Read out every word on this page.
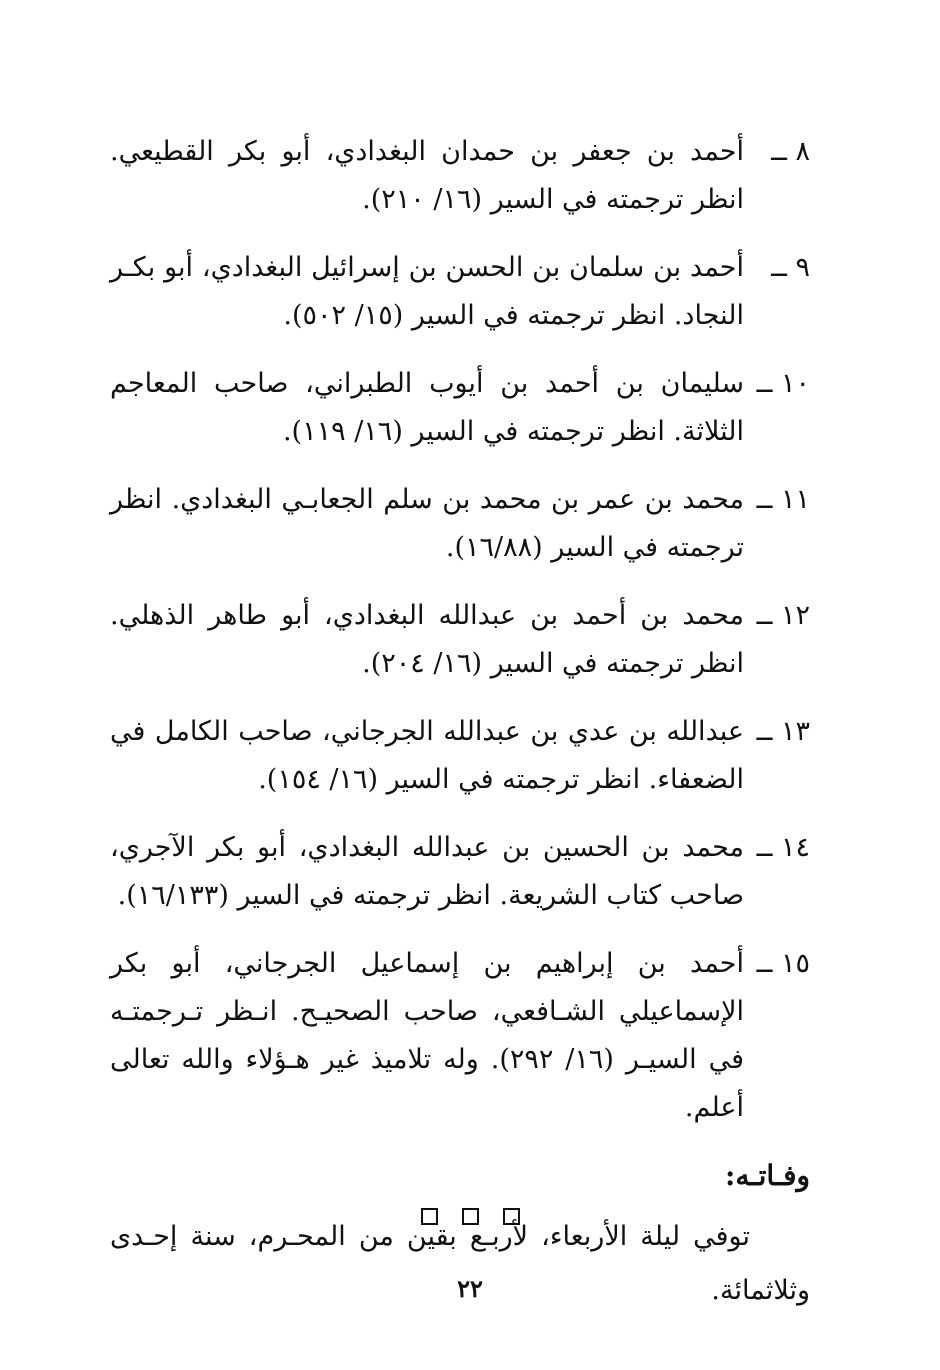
٨ ــ
أحمد بن جعفر بن حمدان البغدادي، أبو بكر القطيعي. انظر ترجمته في السير (١٦/ ٢١٠).
٩ ــ
أحمد بن سلمان بن الحسن بن إسرائيل البغدادي، أبو بكـر النجاد. انظر ترجمته في السير (١٥/ ٥٠٢).
١٠ ــ
سليمان بن أحمد بن أيوب الطبراني، صاحب المعاجم الثلاثة. انظر ترجمته في السير (١٦/ ١١٩).
١١ ــ
محمد بن عمر بن محمد بن سلم الجعابـي البغدادي. انظر ترجمته في السير (١٦/٨٨).
١٢ ــ
محمد بن أحمد بن عبدالله البغدادي، أبو طاهر الذهلي. انظر ترجمته في السير (١٦/ ٢٠٤).
١٣ ــ
عبدالله بن عدي بن عبدالله الجرجاني، صاحب الكامل في الضعفاء. انظر ترجمته في السير (١٦/ ١٥٤).
١٤ ــ
محمد بن الحسين بن عبدالله البغدادي، أبو بكر الآجري، صاحب كتاب الشريعة. انظر ترجمته في السير (١٦/١٣٣).
١٥ ــ
أحمد بن إبراهيم بن إسماعيل الجرجاني، أبو بكر الإسماعيلي الشـافعي، صاحب الصحيـح. انـظر تـرجمتـه في السيـر (١٦/ ٢٩٢). وله تلاميذ غير هـؤلاء والله تعالى أعلم.
وفـاتـه:
توفي ليلة الأربعاء، لأربـع بقين من المحـرم، سنة إحـدى وثلاثمائة.
٢٢
